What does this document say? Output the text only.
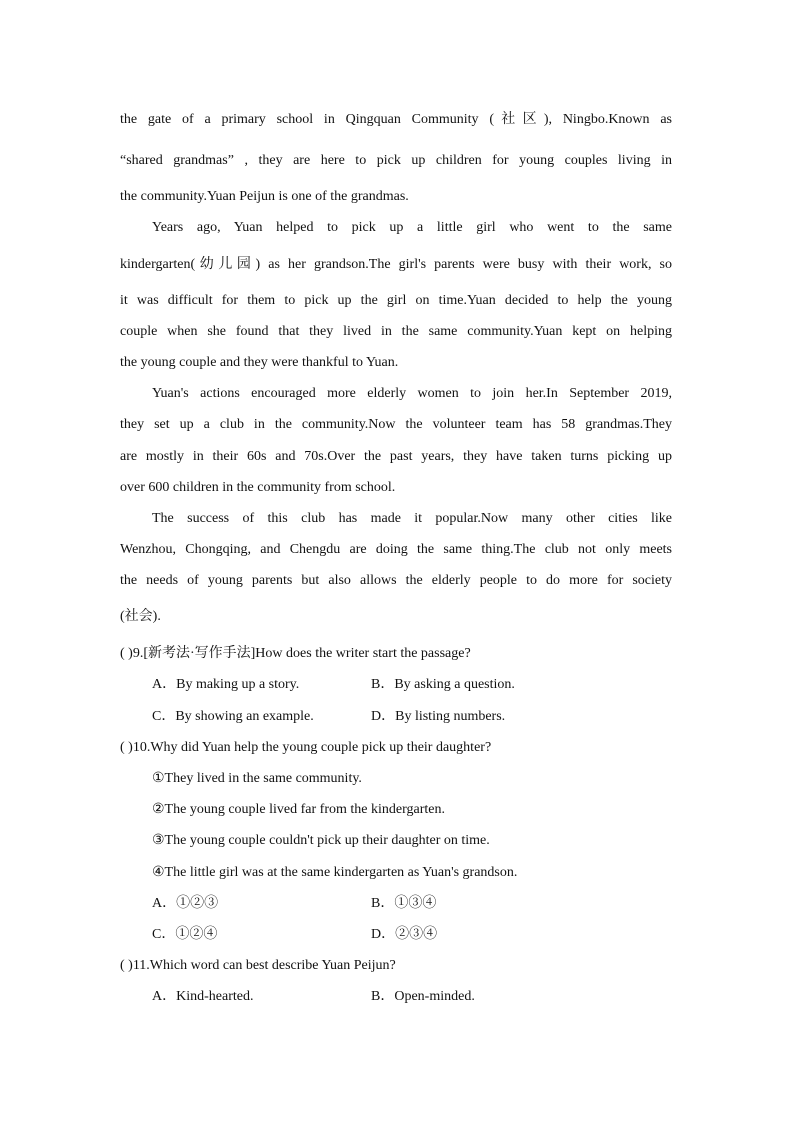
the gate of a primary school in Qingquan Community (社区), Ningbo.Known as
“shared grandmas” , they are here to pick up children for young couples living in
the community.Yuan Peijun is one of the grandmas.
Years ago, Yuan helped to pick up a little girl who went to the same
kindergarten(幼儿园) as her grandson.The girl's parents were busy with their work, so
it was difficult for them to pick up the girl on time.Yuan decided to help the young
couple when she found that they lived in the same community.Yuan kept on helping
the young couple and they were thankful to Yuan.
Yuan's actions encouraged more elderly women to join her.In September 2019,
they set up a club in the community.Now the volunteer team has 58 grandmas.They
are mostly in their 60s and 70s.Over the past years, they have taken turns picking up
over 600 children in the community from school.
The success of this club has made it popular.Now many other cities like
Wenzhou, Chongqing, and Chengdu are doing the same thing.The club not only meets
the needs of young parents but also allows the elderly people to do more for society
(社会).
( )9.[新考法·写作手法]How does the writer start the passage?
A．By making up a story.	B．By asking a question.
C．By showing an example.	D．By listing numbers.
( )10.Why did Yuan help the young couple pick up their daughter?
①They lived in the same community.
②The young couple lived far from the kindergarten.
③The young couple couldn't pick up their daughter on time.
④The little girl was at the same kindergarten as Yuan's grandson.
A．①②③	B．①③④
C．①②④	D．②③④
( )11.Which word can best describe Yuan Peijun?
A．Kind-hearted.	B．Open-minded.
